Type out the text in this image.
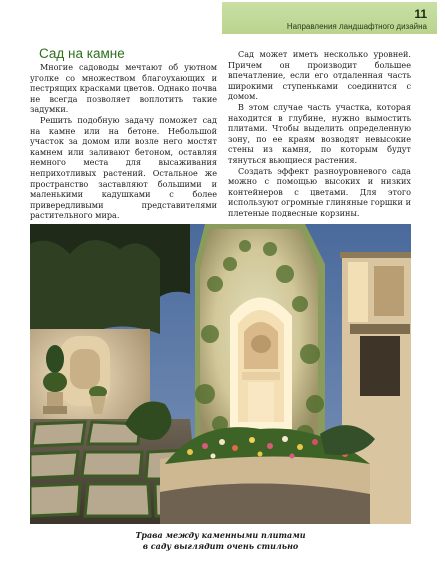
11
Направления ландшафтного дизайна
Сад на камне

Многие садоводы мечтают об уютном уголке со множеством благоухающих и пестрящих красками цветов. Однако почва не всегда позволяет воплотить такие задумки.

Решить подобную задачу поможет сад на камне или на бетоне. Небольшой участок за домом или возле него мостят камнем или заливают бетоном, оставляя немного места для высаживания неприхотливых растений. Остальное же пространство заставляют большими и маленькими кадушками с более привередливыми представителями растительного мира.

Сад может иметь несколько уровней. Причем он производит большее впечатление, если его отдаленная часть широкими ступеньками соединится с домом.

В этом случае часть участка, которая находится в глубине, нужно вымостить плитами. Чтобы выделить определенную зону, по ее краям возводят невысокие стены из камня, по которым будут тянуться вьющиеся растения.

Создать эффект разноуровневого сада можно с помощью высоких и низких контейнеров с цветами. Для этого используют огромные глиняные горшки и плетеные подвесные корзины.

Трава между каменными плитами
в саду выглядит очень стильно
